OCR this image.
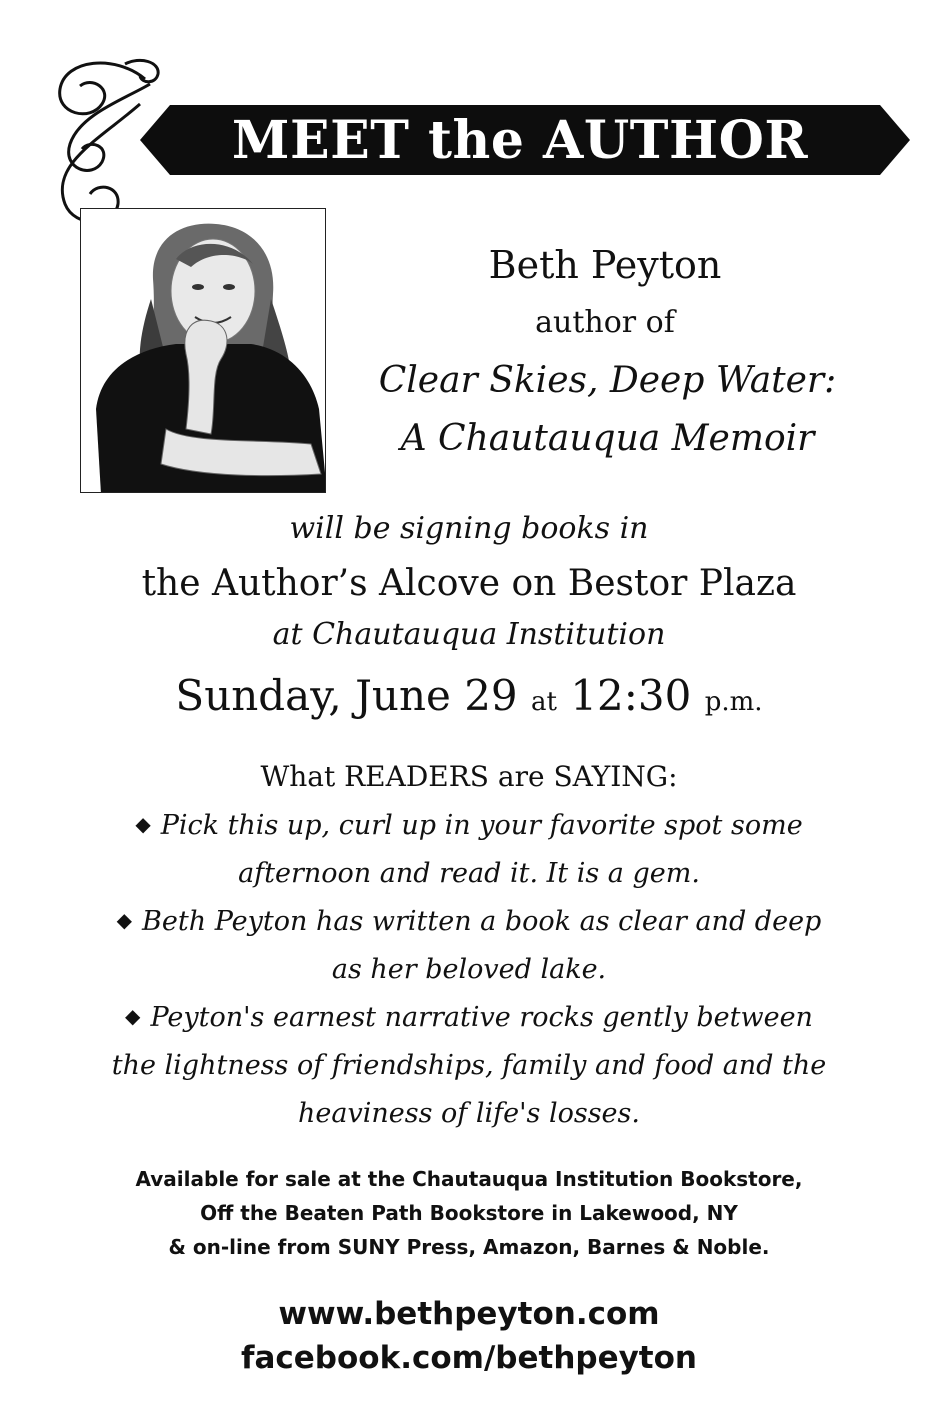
MEET the AUTHOR
Beth Peyton
author of
Clear Skies, Deep Water:
A Chautauqua Memoir
will be signing books in
the Author’s Alcove on Bestor Plaza
at Chautauqua Institution
Sunday, June 29 at 12:30 p.m.
What READERS are SAYING:
◆ Pick this up, curl up in your favorite spot some
afternoon and read it. It is a gem.
◆ Beth Peyton has written a book as clear and deep
as her beloved lake.
◆ Peyton's earnest narrative rocks gently between
the lightness of friendships, family and food and the
heaviness of life's losses.
Available for sale at the Chautauqua Institution Bookstore,
Off the Beaten Path Bookstore in Lakewood, NY
& on-line from SUNY Press, Amazon, Barnes & Noble.
www.bethpeyton.com
facebook.com/bethpeyton
